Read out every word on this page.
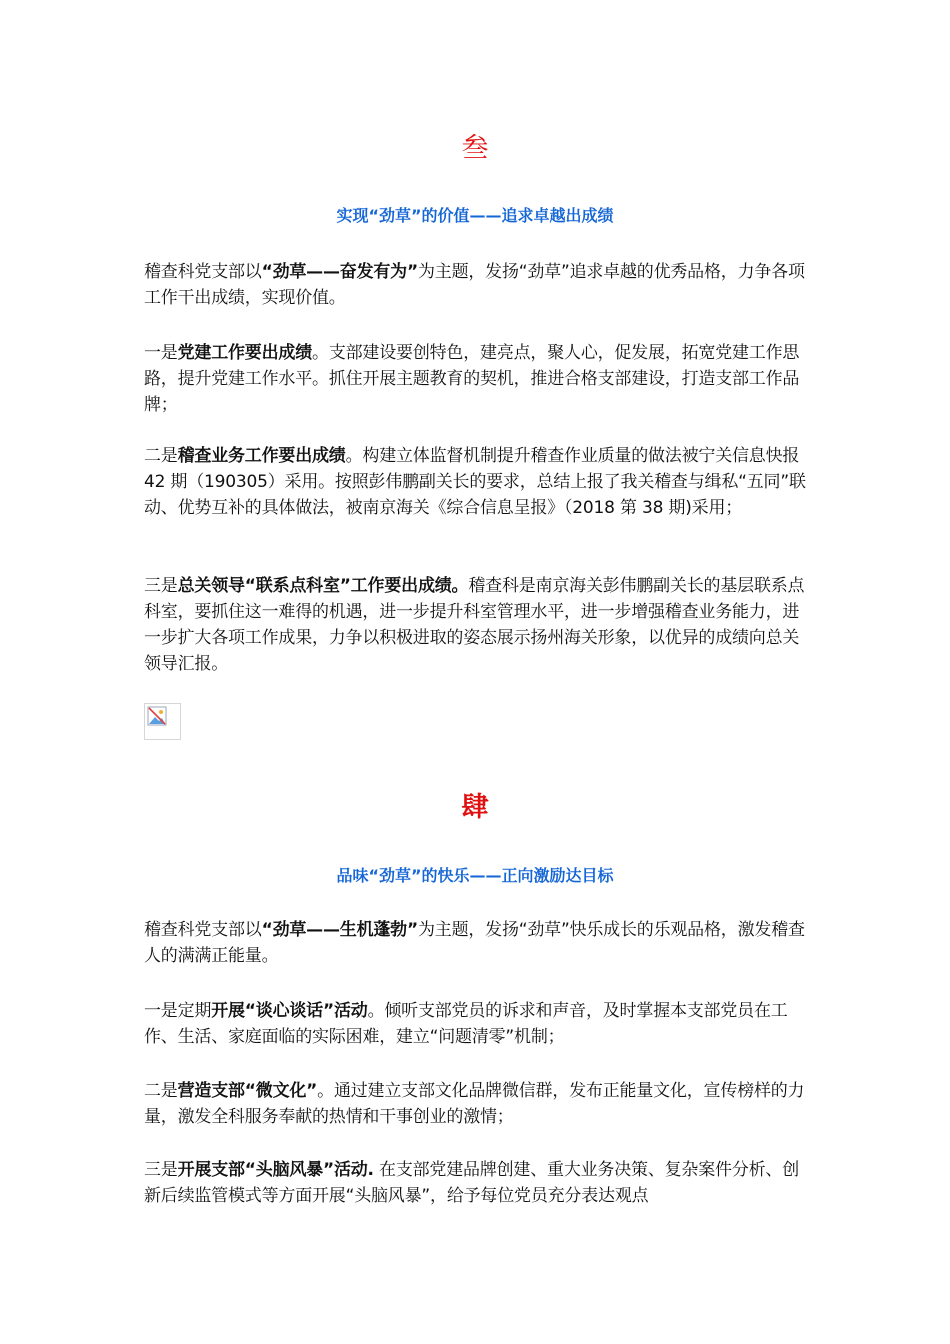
叁
实现“劲草”的价值——追求卓越出成绩

稽查科党支部以“劲草——奋发有为”为主题，发扬“劲草”追求卓越的优秀品格，力争各项工作干出成绩，实现价值。

一是党建工作要出成绩。支部建设要创特色，建亮点，聚人心，促发展，拓宽党建工作思路，提升党建工作水平。抓住开展主题教育的契机，推进合格支部建设，打造支部工作品牌；

二是稽查业务工作要出成绩。构建立体监督机制提升稽查作业质量的做法被宁关信息快报 42 期（190305）采用。按照彭伟鹏副关长的要求，总结上报了我关稽查与缉私“五同”联动、优势互补的具体做法，被南京海关《综合信息呈报》（2018 第 38 期)采用；

三是总关领导“联系点科室”工作要出成绩。稽查科是南京海关彭伟鹏副关长的基层联系点科室，要抓住这一难得的机遇，进一步提升科室管理水平，进一步增强稽查业务能力，进一步扩大各项工作成果，力争以积极进取的姿态展示扬州海关形象，以优异的成绩向总关领导汇报。

肆
品味“劲草”的快乐——正向激励达目标

稽查科党支部以“劲草——生机蓬勃”为主题，发扬“劲草”快乐成长的乐观品格，激发稽查人的满满正能量。

一是定期开展“谈心谈话”活动。倾听支部党员的诉求和声音，及时掌握本支部党员在工作、生活、家庭面临的实际困难，建立“问题清零”机制；

二是营造支部“微文化”。通过建立支部文化品牌微信群，发布正能量文化，宣传榜样的力量，激发全科服务奉献的热情和干事创业的激情；

三是开展支部“头脑风暴”活动. 在支部党建品牌创建、重大业务决策、复杂案件分析、创新后续监管模式等方面开展“头脑风暴”，给予每位党员充分表达观点
